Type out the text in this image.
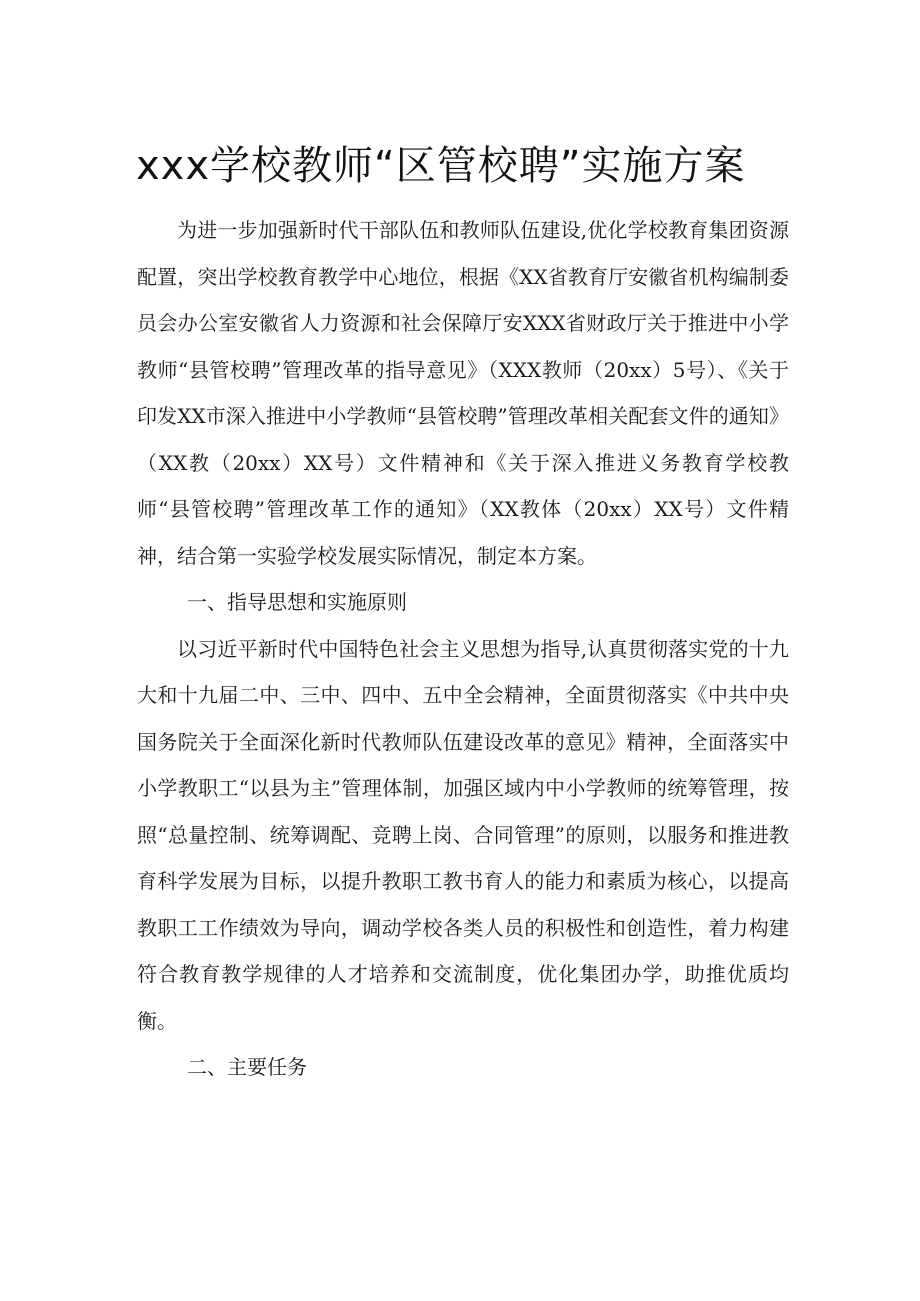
xxx学校教师“区管校聘”实施方案

为进一步加强新时代干部队伍和教师队伍建设,优化学校教育集团资源配置，突出学校教育教学中心地位，根据《XX省教育厅安徽省机构编制委员会办公室安徽省人力资源和社会保障厅安XXX省财政厅关于推进中小学教师“县管校聘”管理改革的指导意见》（XXX教师（20xx）5号）、《关于印发XX市深入推进中小学教师“县管校聘”管理改革相关配套文件的通知》（XX教（20xx）XX号）文件精神和《关于深入推进义务教育学校教师“县管校聘”管理改革工作的通知》（XX教体（20xx）XX号）文件精神，结合第一实验学校发展实际情况，制定本方案。

一、指导思想和实施原则

以习近平新时代中国特色社会主义思想为指导,认真贯彻落实党的十九大和十九届二中、三中、四中、五中全会精神，全面贯彻落实《中共中央国务院关于全面深化新时代教师队伍建设改革的意见》精神，全面落实中小学教职工“以县为主”管理体制，加强区域内中小学教师的统筹管理，按照“总量控制、统筹调配、竞聘上岗、合同管理”的原则，以服务和推进教育科学发展为目标，以提升教职工教书育人的能力和素质为核心，以提高教职工工作绩效为导向，调动学校各类人员的积极性和创造性，着力构建符合教育教学规律的人才培养和交流制度，优化集团办学，助推优质均衡。

二、主要任务
